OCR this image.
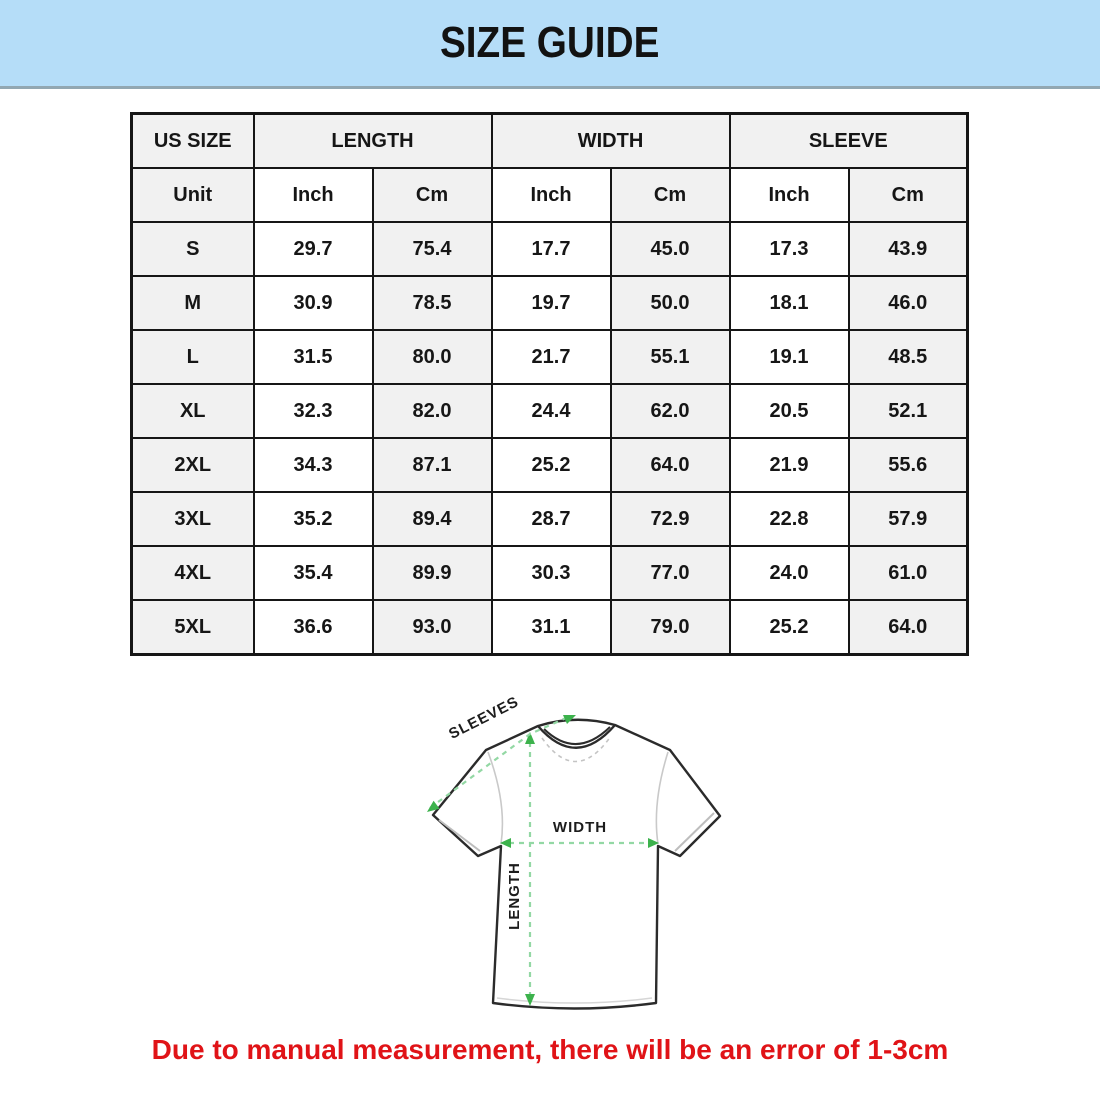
SIZE GUIDE
US SIZE	LENGTH		WIDTH		SLEEVE	
Unit	Inch	Cm	Inch	Cm	Inch	Cm
S	29.7	75.4	17.7	45.0	17.3	43.9
M	30.9	78.5	19.7	50.0	18.1	46.0
L	31.5	80.0	21.7	55.1	19.1	48.5
XL	32.3	82.0	24.4	62.0	20.5	52.1
2XL	34.3	87.1	25.2	64.0	21.9	55.6
3XL	35.2	89.4	28.7	72.9	22.8	57.9
4XL	35.4	89.9	30.3	77.0	24.0	61.0
5XL	36.6	93.0	31.1	79.0	25.2	64.0
SLEEVES
WIDTH
LENGTH
Due to manual measurement, there will be an error of 1-3cm
